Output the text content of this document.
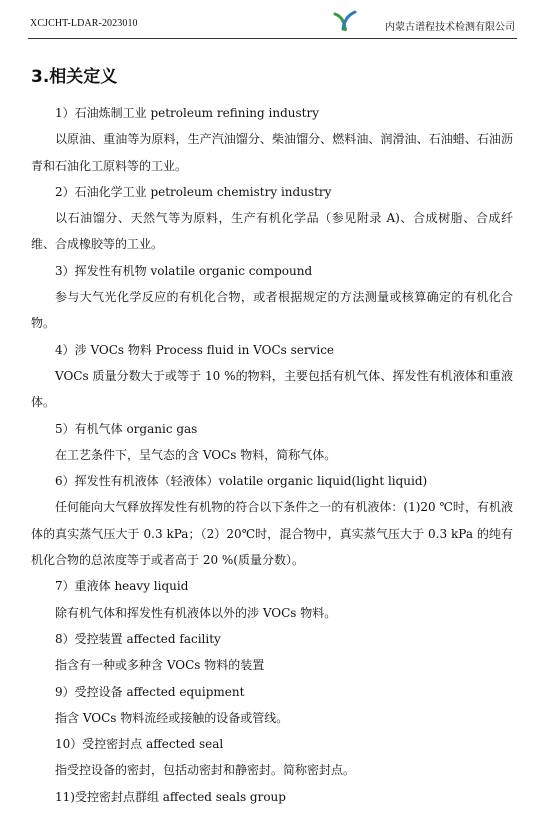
XCJCHT-LDAR-2023010	内蒙古谱程技术检测有限公司
3.相关定义

1）石油炼制工业 petroleum refining industry

以原油、重油等为原料，生产汽油馏分、柴油馏分、燃料油、润滑油、石油蜡、石油沥青和石油化工原料等的工业。

2）石油化学工业 petroleum chemistry industry

以石油馏分、天然气等为原料，生产有机化学品（参见附录 A)、合成树脂、合成纤维、合成橡胶等的工业。

3）挥发性有机物 volatile organic compound

参与大气光化学反应的有机化合物，或者根据规定的方法测量或核算确定的有机化合物。

4）涉 VOCs 物料 Process fluid in VOCs service

VOCs 质量分数大于或等于 10 %的物料，主要包括有机气体、挥发性有机液体和重液体。

5）有机气体 organic gas

在工艺条件下，呈气态的含 VOCs 物料，简称气体。

6）挥发性有机液体（轻液体）volatile organic liquid(light liquid)

任何能向大气释放挥发性有机物的符合以下条件之一的有机液体：(1)20 ℃时，有机液体的真实蒸气压大于 0.3 kPa；（2）20℃时，混合物中，真实蒸气压大于 0.3 kPa 的纯有机化合物的总浓度等于或者高于 20 %(质量分数）。

7）重液体 heavy liquid

除有机气体和挥发性有机液体以外的涉 VOCs 物料。

8）受控装置 affected facility

指含有一种或多种含 VOCs 物料的装置

9）受控设备 affected equipment

指含 VOCs 物料流经或接触的设备或管线。

10）受控密封点 affected seal

指受控设备的密封，包括动密封和静密封。简称密封点。

11)受控密封点群组 affected seals group
